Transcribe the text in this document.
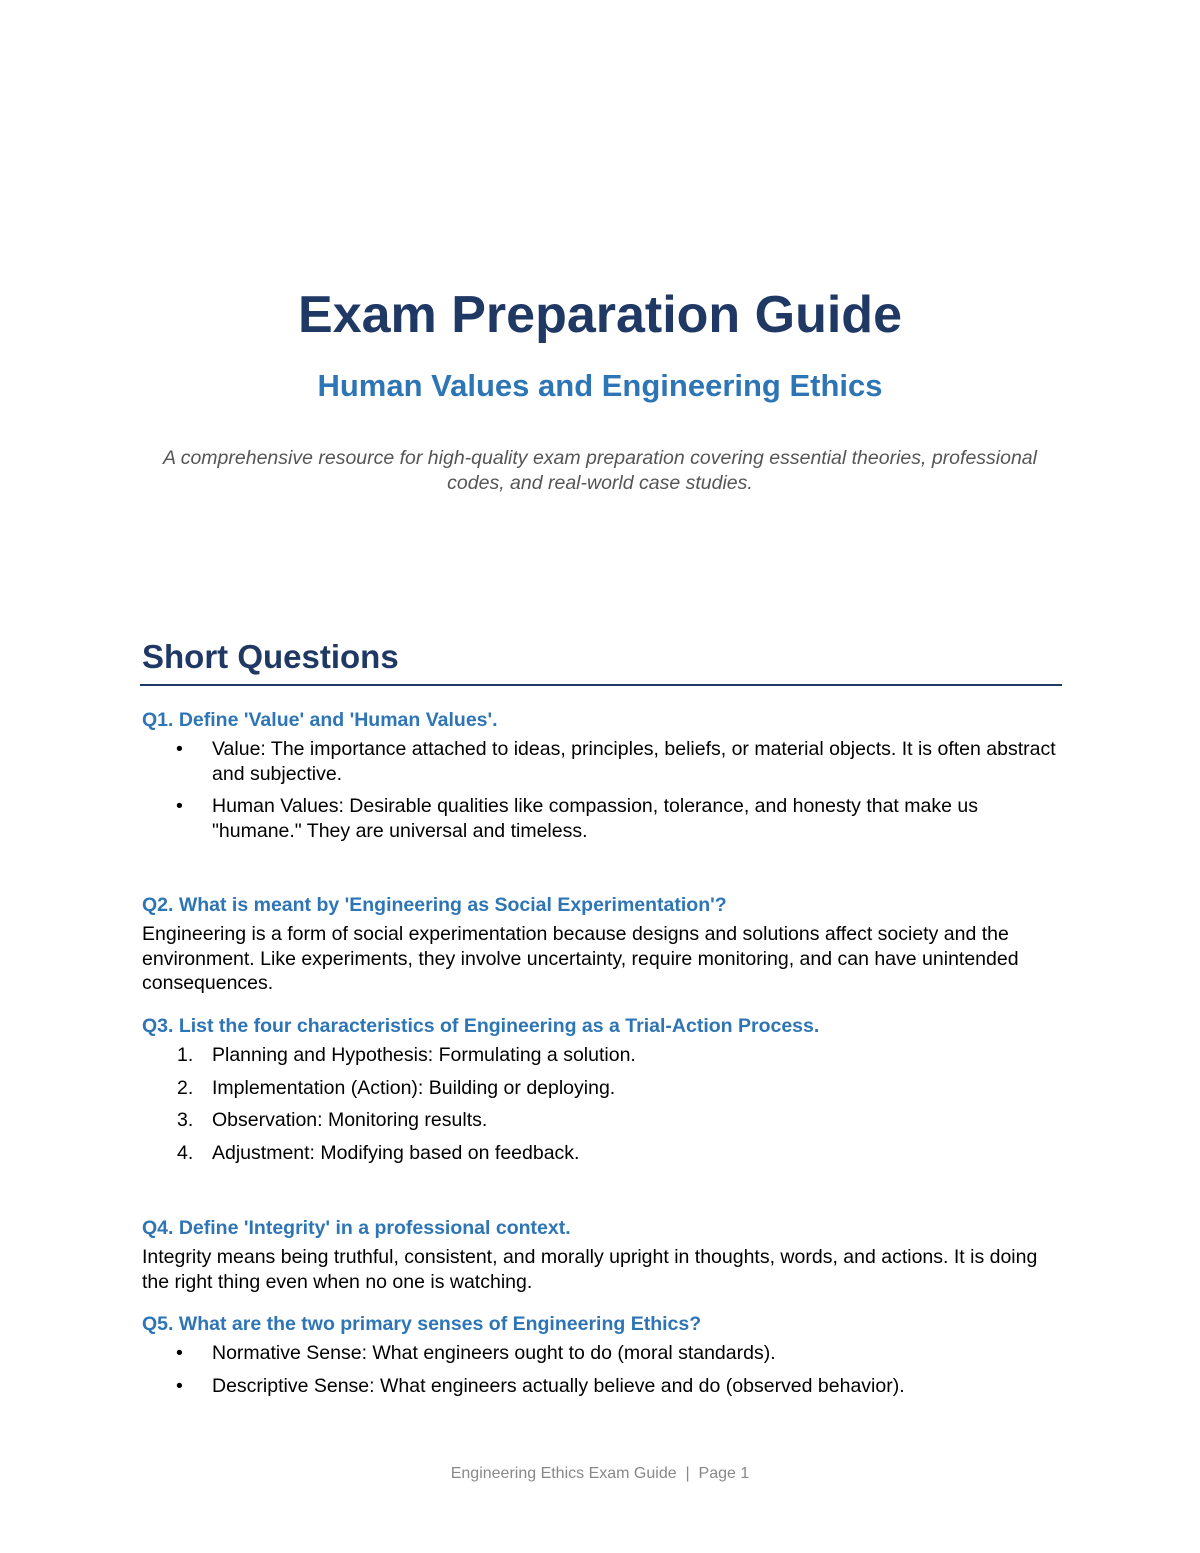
Exam Preparation Guide
Human Values and Engineering Ethics

A comprehensive resource for high-quality exam preparation covering essential theories, professional codes, and real-world case studies.

Short Questions
Q1. Define 'Value' and 'Human Values'.
•	Value: The importance attached to ideas, principles, beliefs, or material objects. It is often abstract and subjective.
•	Human Values: Desirable qualities like compassion, tolerance, and honesty that make us "humane." They are universal and timeless.
Q2. What is meant by 'Engineering as Social Experimentation'?

Engineering is a form of social experimentation because designs and solutions affect society and the environment. Like experiments, they involve uncertainty, require monitoring, and can have unintended consequences.

Q3. List the four characteristics of Engineering as a Trial-Action Process.
1. Planning and Hypothesis: Formulating a solution.
2. Implementation (Action): Building or deploying.
3. Observation: Monitoring results.
4. Adjustment: Modifying based on feedback.
Q4. Define 'Integrity' in a professional context.

Integrity means being truthful, consistent, and morally upright in thoughts, words, and actions. It is doing the right thing even when no one is watching.

Q5. What are the two primary senses of Engineering Ethics?
•	Normative Sense: What engineers ought to do (moral standards).
•	Descriptive Sense: What engineers actually believe and do (observed behavior).

Engineering Ethics Exam Guide  |  Page 1
